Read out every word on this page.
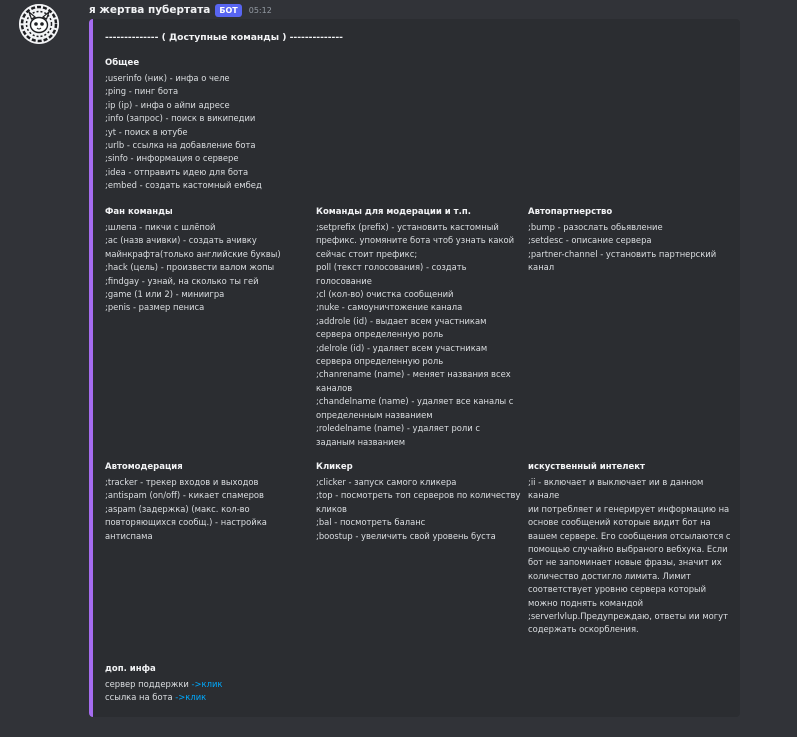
я жертва пубертата	БОТ	05:12
-------------- ( Доступные команды ) --------------
Общее
;userinfo (ник) - инфа о челе
;ping - пинг бота
;ip (ip) - инфа о айпи адресе
;info (запрос) - поиск в википедии
;yt - поиск в ютубе
;urlb - ссылка на добавление бота
;sinfo - информация о сервере
;idea - отправить идею для бота
;embed - создать кастомный ембед
Фан команды
;шлепа - пикчи с шлёпой
;ac (назв ачивки) - создать ачивку майнкрафта(только английские буквы)
;hack (цель) - произвести валом жопы
;findgay - узнай, на сколько ты гей
;game (1 или 2) - миниигра
;penis - размер пениса
Команды для модерации и т.п.
;setprefix (prefix) - установить кастомный префикс. упомяните бота чтоб узнать какой сейчас стоит префикс;
poll (текст голосования) - создать голосование
;cl (кол-во) очистка сообщений
;nuke - самоуничтожение канала
;addrole (id) - выдает всем участникам сервера определенную роль
;delrole (id) - удаляет всем участникам сервера определенную роль
;chanrename (name) - меняет названия всех каналов
;chandelname (name) - удаляет все каналы с определенным названием
;roledelname (name) - удаляет роли с заданым названием
Автопартнерство
;bump - разослать обьявление
;setdesc - описание сервера
;partner-channel - установить партнерский канал
Автомодерация
;tracker - трекер входов и выходов
;antispam (on/off) - кикает спамеров
;aspam (задержка) (макс. кол-во повторяющихся сообщ.) - настройка антиспама
Кликер
;clicker - запуск самого кликера
;top - посмотреть топ серверов по количеству кликов
;bal - посмотреть баланс
;boostup - увеличить свой уровень буста
искуственный интелект
;ii - включает и выключает ии в данном канале
ии потребляет и генерирует информацию на основе сообщений которые видит бот на вашем сервере. Его сообщения отсылаются с помощью случайно выбраного вебхука. Если бот не запоминает новые фразы, значит их количество достигло лимита. Лимит соответствует уровню сервера который можно поднять командой
;serverlvlup.Предупреждаю, ответы ии могут содержать оскорбления.
доп. инфа
сервер поддержки ->клик
ссылка на бота ->клик
